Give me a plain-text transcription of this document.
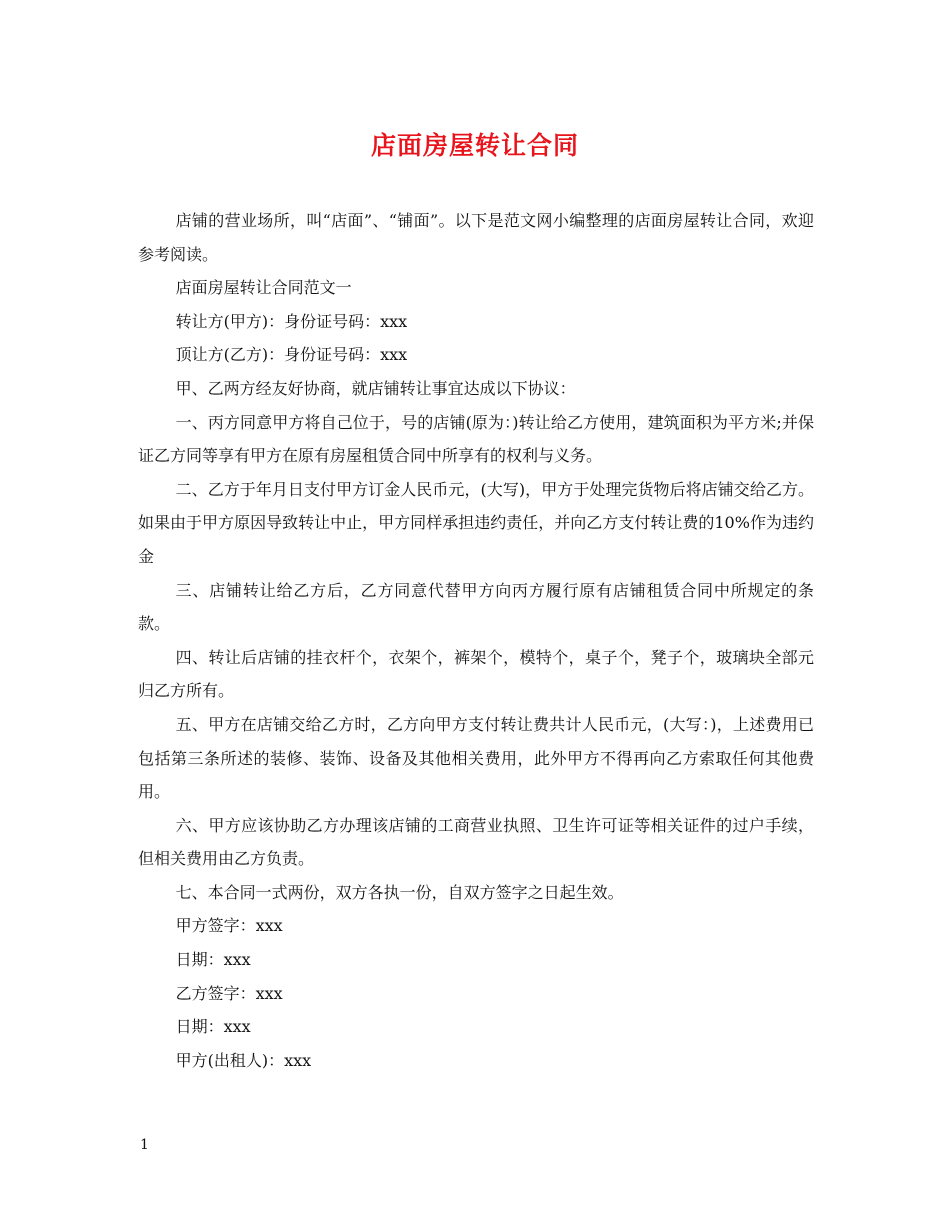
店面房屋转让合同

店铺的营业场所，叫“店面”、“铺面”。以下是范文网小编整理的店面房屋转让合同，欢迎参考阅读。

店面房屋转让合同范文一

转让方(甲方)：身份证号码：xxx

顶让方(乙方)：身份证号码：xxx

甲、乙两方经友好协商，就店铺转让事宜达成以下协议：

一、丙方同意甲方将自己位于，号的店铺(原为：)转让给乙方使用，建筑面积为平方米;并保证乙方同等享有甲方在原有房屋租赁合同中所享有的权利与义务。

二、乙方于年月日支付甲方订金人民币元，(大写)，甲方于处理完货物后将店铺交给乙方。如果由于甲方原因导致转让中止，甲方同样承担违约责任，并向乙方支付转让费的10%作为违约金

三、店铺转让给乙方后，乙方同意代替甲方向丙方履行原有店铺租赁合同中所规定的条款。

四、转让后店铺的挂衣杆个，衣架个，裤架个，模特个，桌子个，凳子个，玻璃块全部元归乙方所有。

五、甲方在店铺交给乙方时，乙方向甲方支付转让费共计人民币元，(大写：)，上述费用已包括第三条所述的装修、装饰、设备及其他相关费用，此外甲方不得再向乙方索取任何其他费用。

六、甲方应该协助乙方办理该店铺的工商营业执照、卫生许可证等相关证件的过户手续，但相关费用由乙方负责。

七、本合同一式两份，双方各执一份，自双方签字之日起生效。

甲方签字：xxx

日期：xxx

乙方签字：xxx

日期：xxx

甲方(出租人)：xxx

1
